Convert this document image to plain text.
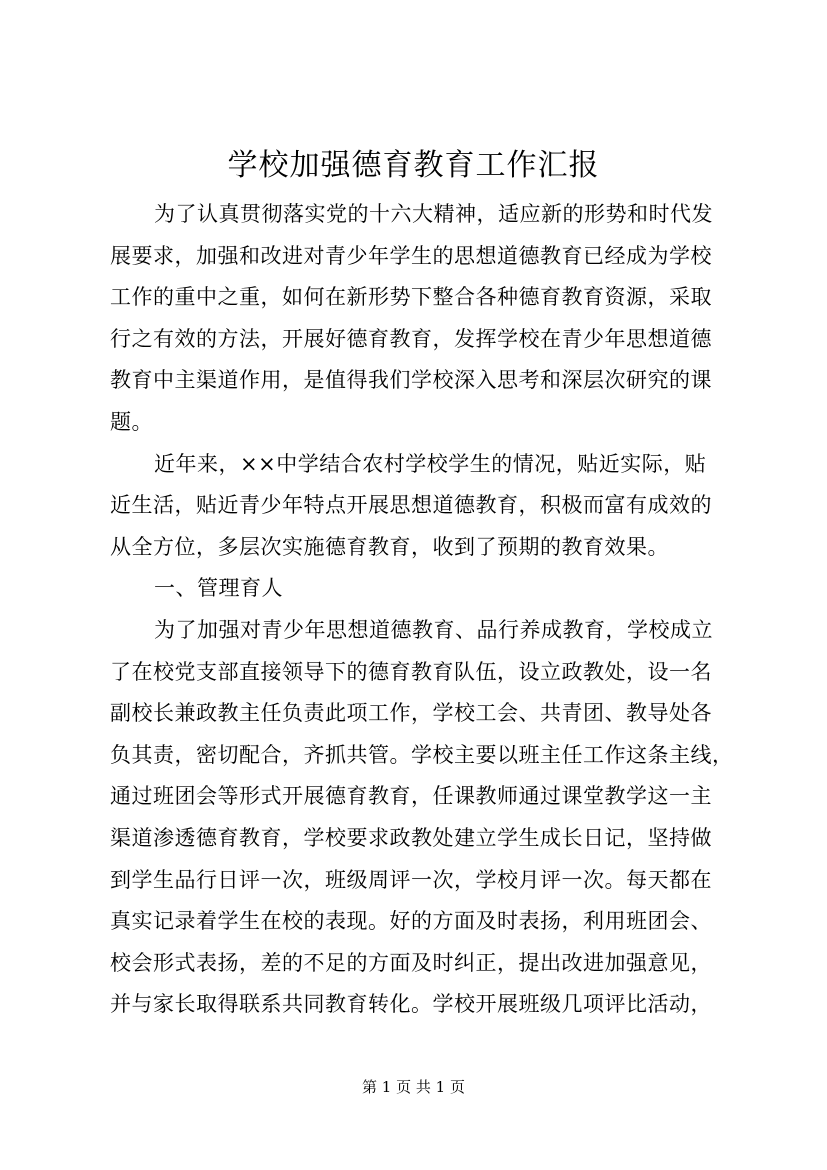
学校加强德育教育工作汇报
为了认真贯彻落实党的十六大精神，适应新的形势和时代发
展要求，加强和改进对青少年学生的思想道德教育已经成为学校
工作的重中之重，如何在新形势下整合各种德育教育资源，采取
行之有效的方法，开展好德育教育，发挥学校在青少年思想道德
教育中主渠道作用，是值得我们学校深入思考和深层次研究的课
题。
近年来，××中学结合农村学校学生的情况，贴近实际，贴
近生活，贴近青少年特点开展思想道德教育，积极而富有成效的
从全方位，多层次实施德育教育，收到了预期的教育效果。
一、管理育人
为了加强对青少年思想道德教育、品行养成教育，学校成立
了在校党支部直接领导下的德育教育队伍，设立政教处，设一名
副校长兼政教主任负责此项工作，学校工会、共青团、教导处各
负其责，密切配合，齐抓共管。学校主要以班主任工作这条主线，
通过班团会等形式开展德育教育，任课教师通过课堂教学这一主
渠道渗透德育教育，学校要求政教处建立学生成长日记，坚持做
到学生品行日评一次，班级周评一次，学校月评一次。每天都在
真实记录着学生在校的表现。好的方面及时表扬，利用班团会、
校会形式表扬，差的不足的方面及时纠正，提出改进加强意见，
并与家长取得联系共同教育转化。学校开展班级几项评比活动，
第 1 页 共 1 页
